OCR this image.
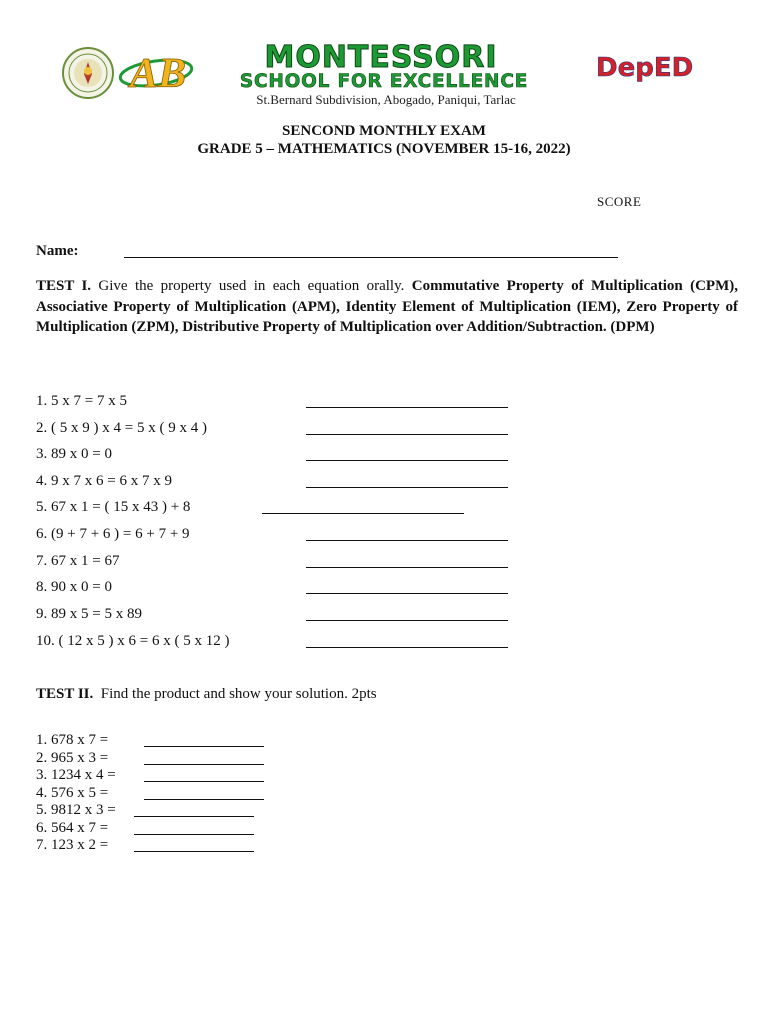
AB	MONTESSORI
SCHOOL FOR EXCELLENCE
St.Bernard Subdivision, Abogado, Paniqui, Tarlac
DepED
SENCOND MONTHLY EXAM
GRADE 5 – MATHEMATICS (NOVEMBER 15-16, 2022)
SCORE
Name:
TEST I. Give the property used in each equation orally. Commutative Property of Multiplication (CPM), Associative Property of Multiplication (APM), Identity Element of Multiplication (IEM), Zero Property of Multiplication (ZPM), Distributive Property of Multiplication over Addition/Subtraction. (DPM)
1. 5 x 7 = 7 x 5
2. ( 5 x 9 ) x 4 = 5 x ( 9 x 4 )
3. 89 x 0 = 0
4. 9 x 7 x 6 = 6 x 7 x 9
5. 67 x 1 = ( 15 x 43 ) + 8
6. (9 + 7 + 6 ) = 6 + 7 + 9
7. 67 x 1 = 67
8. 90 x 0 = 0
9. 89 x 5 = 5 x 89
10. ( 12 x 5 ) x 6 = 6 x ( 5 x 12 )
TEST II. Find the product and show your solution. 2pts
1. 678 x 7 =
2. 965 x 3 =
3. 1234 x 4 =
4. 576 x 5 =
5. 9812 x 3 =
6. 564 x 7 =
7. 123 x 2 =
